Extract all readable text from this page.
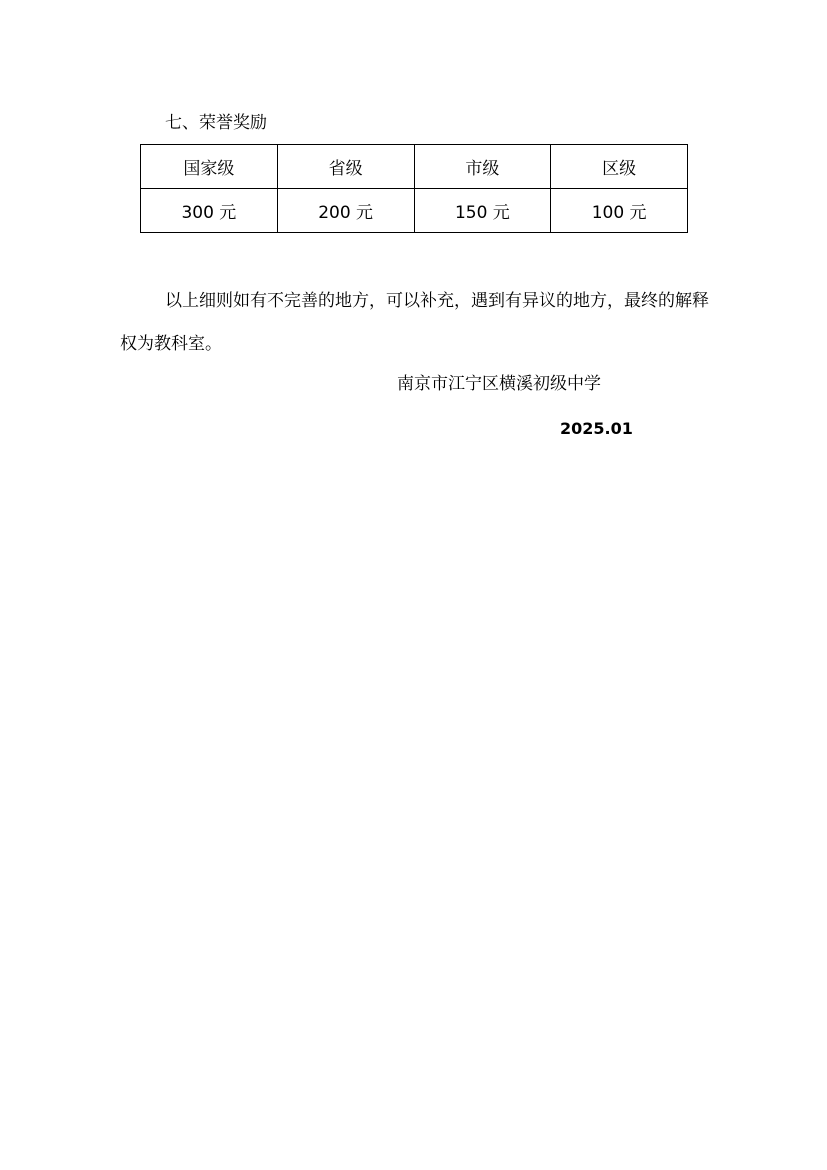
七、荣誉奖励
国家级	省级	市级	区级
300 元	200 元	150 元	100 元

以上细则如有不完善的地方，可以补充，遇到有异议的地方，最终的解释权为教科室。

南京市江宁区横溪初级中学
2025.01
